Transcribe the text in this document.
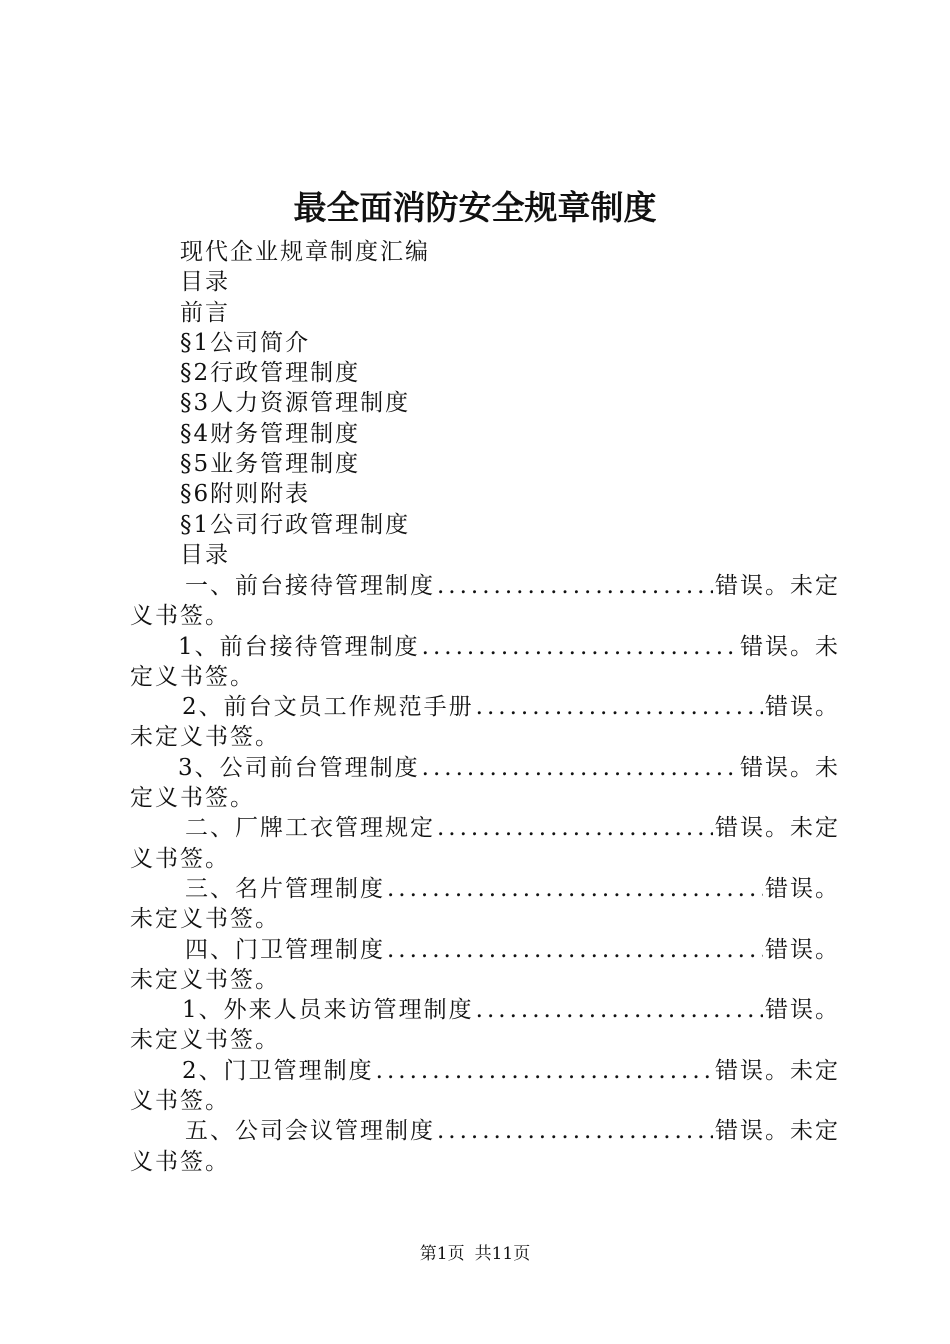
最全面消防安全规章制度
现代企业规章制度汇编
目录
前言
§1公司简介
§2行政管理制度
§3人力资源管理制度
§4财务管理制度
§5业务管理制度
§6附则附表
§1公司行政管理制度
目录
一、前台接待管理制度 .....	错误。未定
义书签。
1、前台接待管理制度 .....	错误。未
定义书签。
2、前台文员工作规范手册 .....	错误。
未定义书签。
3、公司前台管理制度 .....	错误。未
定义书签。
二、厂牌工衣管理规定 .....	错误。未定
义书签。
三、名片管理制度 .....	错误。
未定义书签。
四、门卫管理制度 .....	错误。
未定义书签。
1、外来人员来访管理制度 .....	错误。
未定义书签。
2、门卫管理制度 .....	错误。未定
义书签。
五、公司会议管理制度 .....	错误。未定
义书签。
第1页 共11页
